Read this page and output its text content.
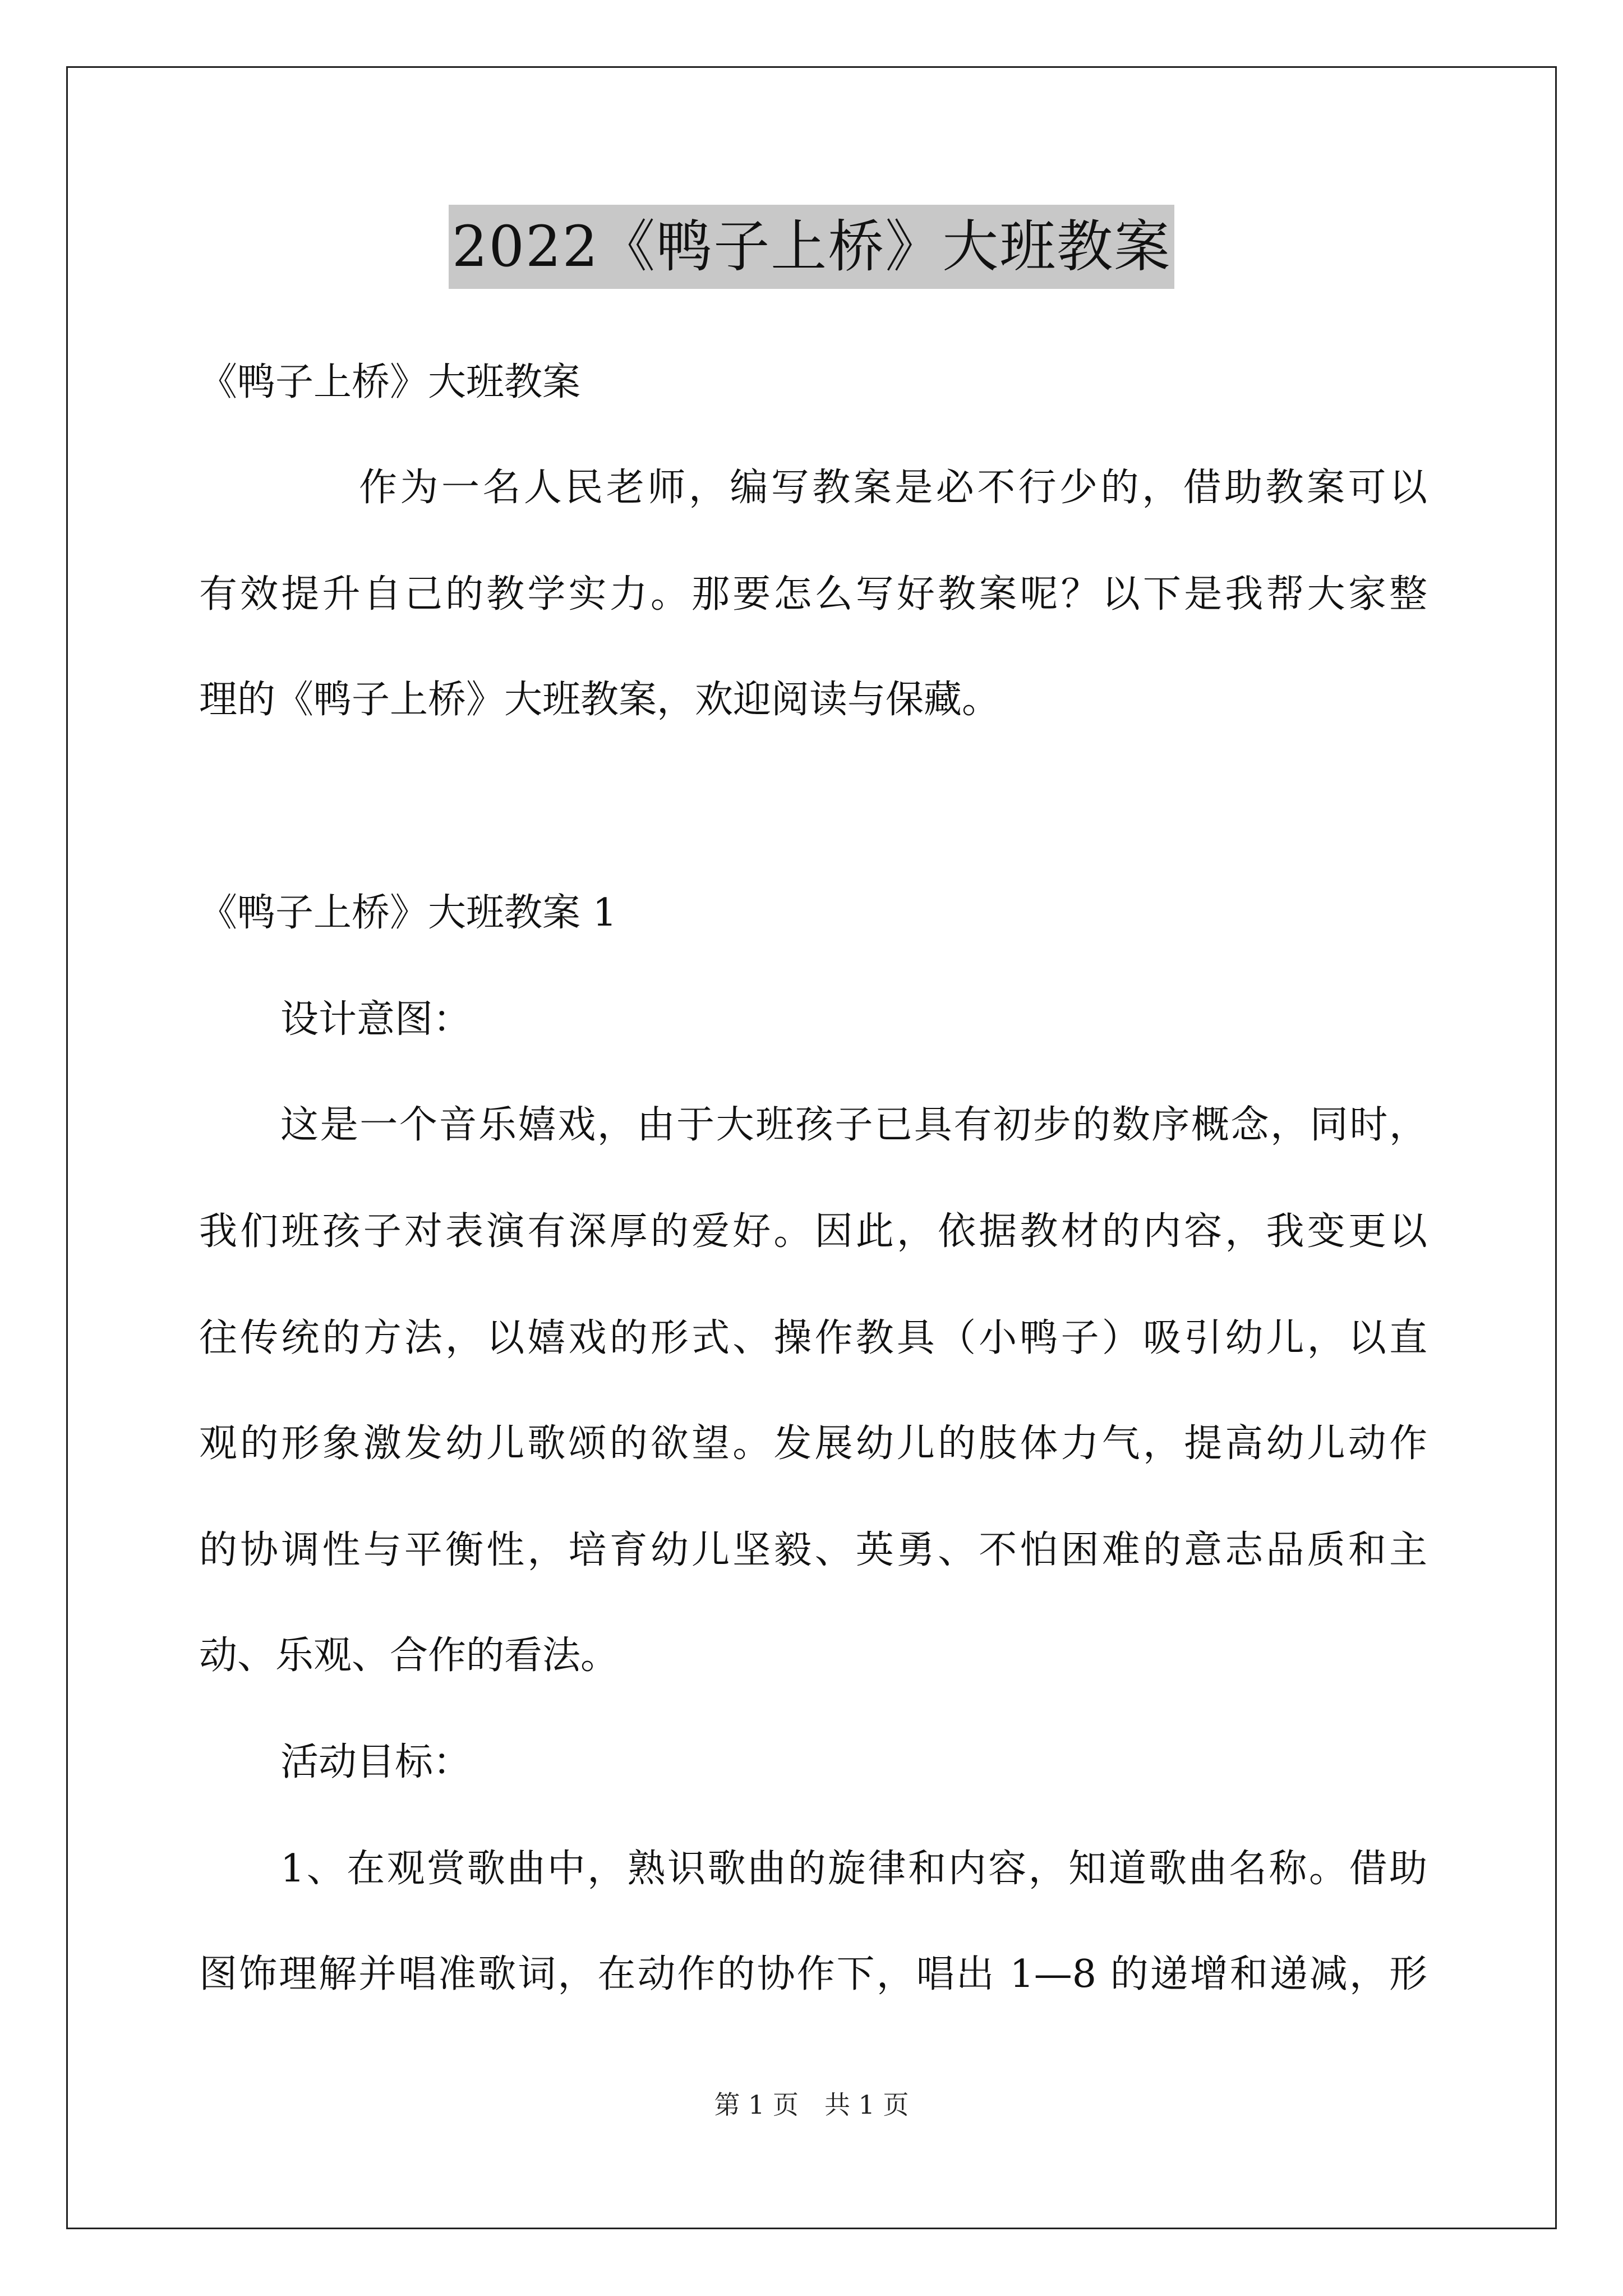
2022《鸭子上桥》大班教案
《鸭子上桥》大班教案
作为一名人民老师，编写教案是必不行少的，借助教案可以
有效提升自己的教学实力。那要怎么写好教案呢？以下是我帮大家整
理的《鸭子上桥》大班教案，欢迎阅读与保藏。
《鸭子上桥》大班教案 1
设计意图：
这是一个音乐嬉戏，由于大班孩子已具有初步的数序概念，同时，
我们班孩子对表演有深厚的爱好。因此，依据教材的内容，我变更以
往传统的方法，以嬉戏的形式、操作教具（小鸭子）吸引幼儿，以直
观的形象激发幼儿歌颂的欲望。发展幼儿的肢体力气，提高幼儿动作
的协调性与平衡性，培育幼儿坚毅、英勇、不怕困难的意志品质和主
动、乐观、合作的看法。
活动目标：
1、在观赏歌曲中，熟识歌曲的旋律和内容，知道歌曲名称。借助
图饰理解并唱准歌词，在动作的协作下，唱出 1—8 的递增和递减，形
第 1 页　共 1 页
